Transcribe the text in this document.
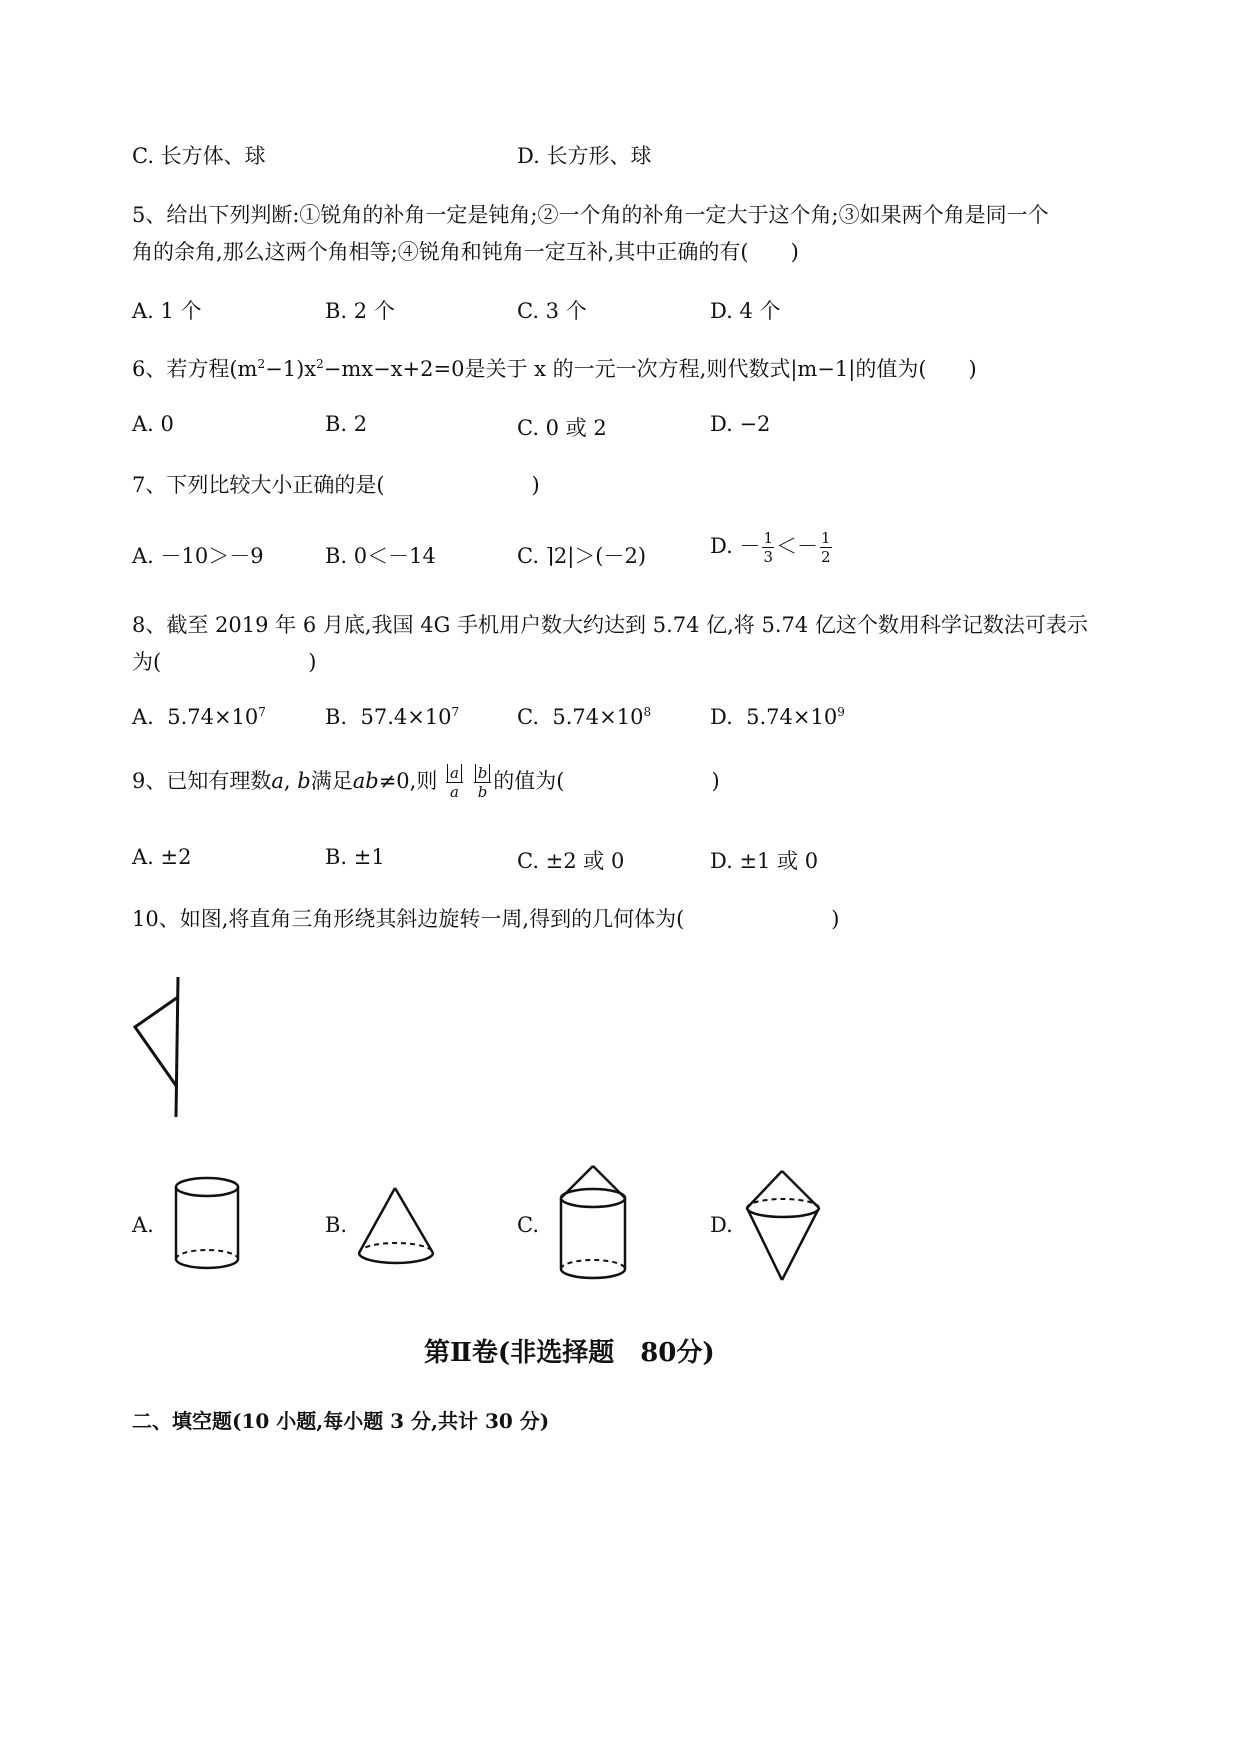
C. 长方体、球	D. 长方形、球
5、给出下列判断:①锐角的补角一定是钝角;②一个角的补角一定大于这个角;③如果两个角是同一个
角的余角,那么这两个角相等;④锐角和钝角一定互补,其中正确的有(　　)
A. 1 个	B. 2 个	C. 3 个	D. 4 个
6、若方程$(m^2-1)x^2-mx-x+2=0$是关于 x 的一元一次方程,则代数式|m−1|的值为(　　)
A. 0	B. 2	C. 0 或 2	D. −2
7、下列比较大小正确的是(　　　　　　　)
A. －10＞－9	B. 0＜－14	C. ⌉2|＞(－2)	D. － $\frac{1}{3} <- \frac{1}{2}$
8、截至 2019 年 6 月底,我国 4G 手机用户数大约达到 5.74 亿,将 5.74 亿这个数用科学记数法可表示
为(　　　　　　　)
A. $5.74\times 10^7$	B. $57.4\times 10^7$	C. $5.74\times 10^8$	D. $5.74\times 10^9$
9、已知有理数a, b满足ab≠0,则 $\frac{a}{a}$
$\frac{b}{b}$ 的值为(　　　　　　　)
A. ±2	B. ±1	C. ±2 或 0	D. ±1 或 0
10、如图,将直角三角形绕其斜边旋转一周,得到的几何体为(　　　　　　　)
A.	B.	C.	D.
第Ⅱ卷(非选择题　80分)
二、填空题(10 小题,每小题 3 分,共计 30 分)
